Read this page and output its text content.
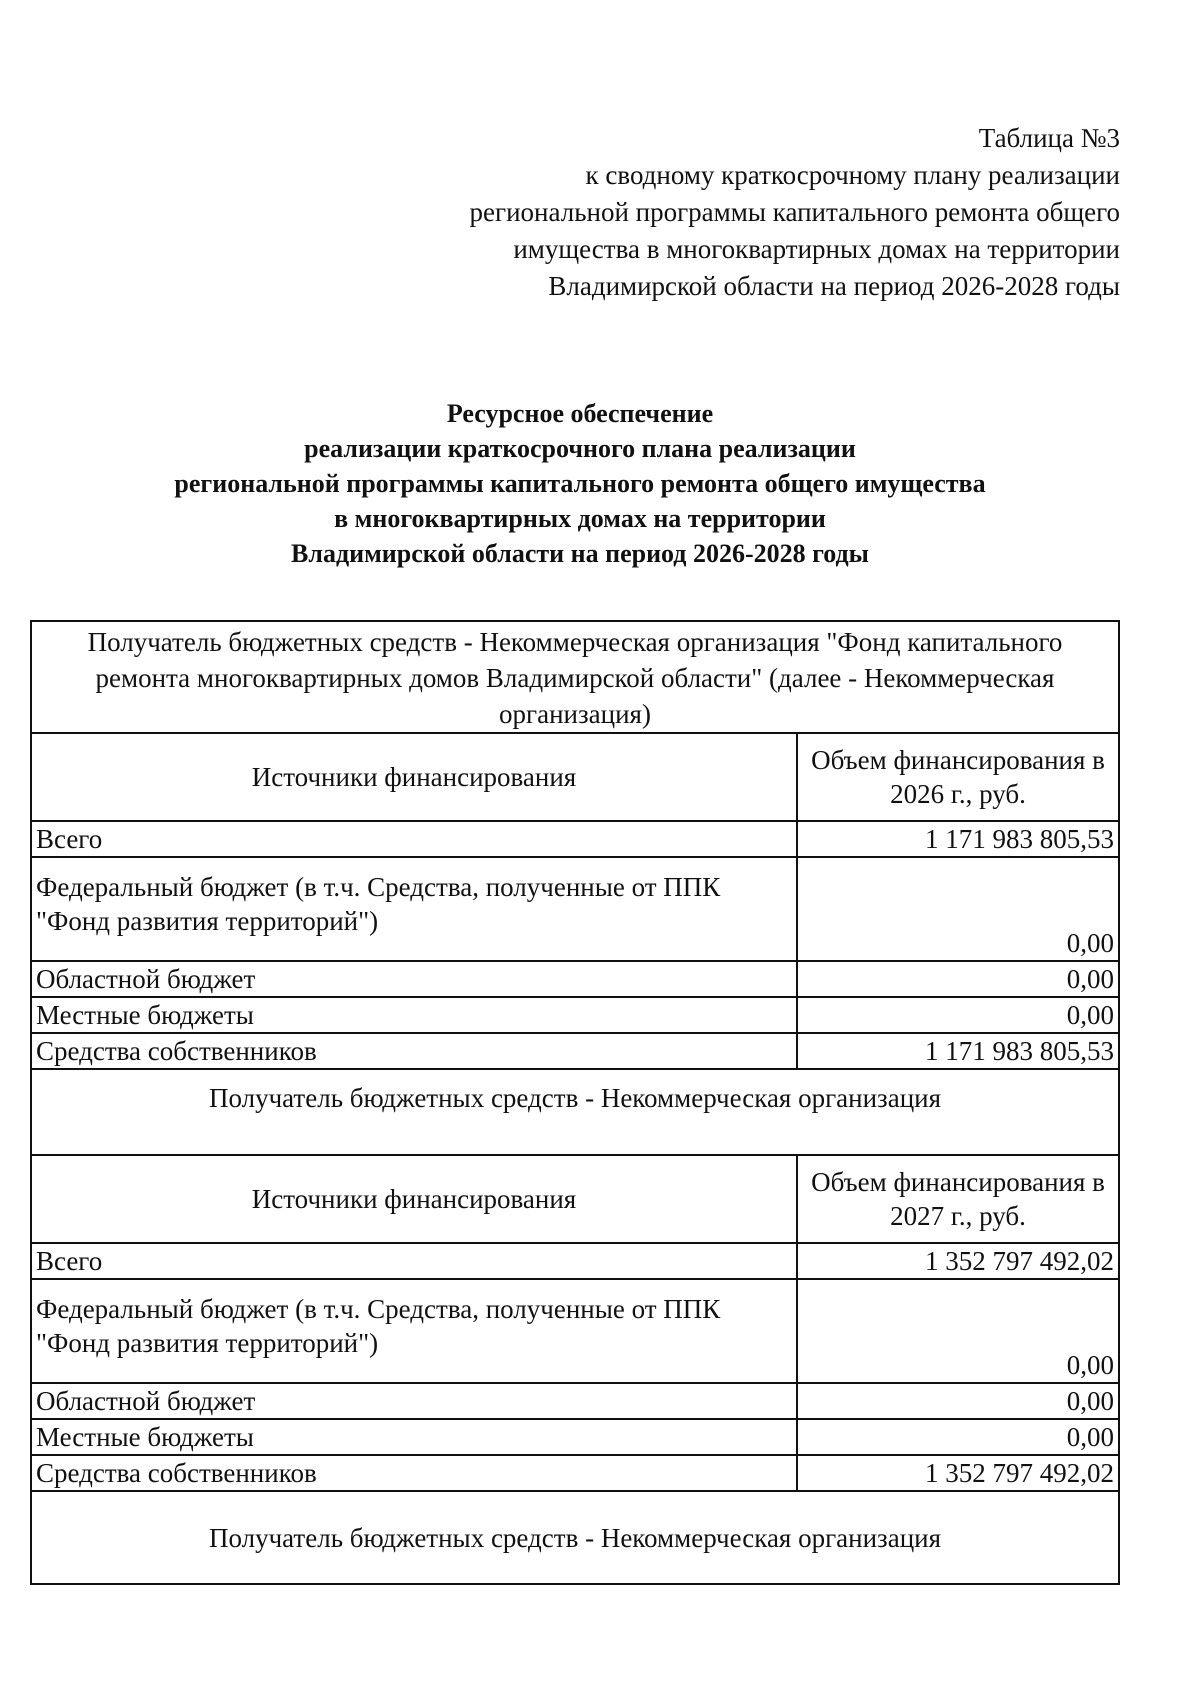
Таблица №3
к сводному краткосрочному плану реализации
региональной программы капитального ремонта общего
имущества в многоквартирных домах на территории
Владимирской области на период 2026-2028 годы
Ресурсное обеспечение
реализации краткосрочного плана реализации
региональной программы капитального ремонта общего имущества
в многоквартирных домах на территории
Владимирской области на период 2026-2028 годы
Получатель бюджетных средств - Некоммерческая организация "Фонд капитального
ремонта многоквартирных домов Владимирской области" (далее - Некоммерческая
организация)
Источники финансирования	Объем финансирования в
2026 г., руб.

Всего	1 171 983 805,53

Федеральный бюджет (в т.ч. Средства, полученные от ППК
"Фонд развития территорий")	0,00
Областной бюджет	0,00
Местные бюджеты	0,00
Средства собственников	1 171 983 805,53
Получатель бюджетных средств - Некоммерческая организация
Источники финансирования	Объем финансирования в
2027 г., руб.

Всего	1 352 797 492,02

Федеральный бюджет (в т.ч. Средства, полученные от ППК
"Фонд развития территорий")	0,00
Областной бюджет	0,00
Местные бюджеты	0,00
Средства собственников	1 352 797 492,02
Получатель бюджетных средств - Некоммерческая организация
